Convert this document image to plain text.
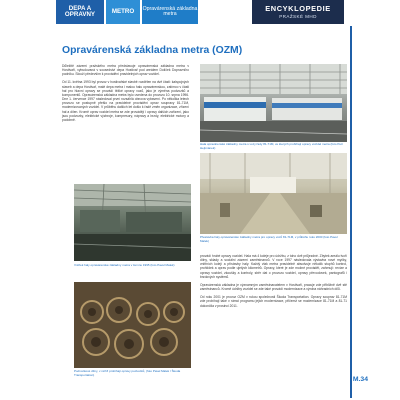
DEPA A OPRAVNY	METRO Opravárenská základna metra
ENCYKLOPEDIE
PRAŽSKÉ MHD
Opravárenská základna metra (OZM)

Důležitě zázemí pražského metra představuje opravárenská základna metra v Hostivaři, vybudovaná v sousedství depa Hostivař pod areálem Dolíček Dopravního podniku. Slouží především k provádění pravidelných oprav vozidel.

Od 11. května 1993 byl provoz v hostivařské stavbě rozdělen na dvě části: kalspojných staveb a depa Hostivař, malé depa metra i malou halu opravárenskou, zatímco v části hal pro hlavní opravy se provádí těžké opravy vozů, jako je výměna podvozků a komponentů. Opravárenská základna metra bylo uvedena do provozu 10. srpna 1996. Dne 1. července 1997 následoval první rozsáhlá obnova vybavení. Po několika letech provozu se postupně přešlo na pravidelné provádění oprav soupravy 81-71M, modernizovaných vozidel. V průběhu dalších let došlo k řadě změn organizace, zřízení hal a dílen. Kromě oprav vozidel metra se zde provádějí i opravy dalších zařízení, jako jsou podvozky, elektrické výzbroje, kompresory, nápravy a brzdy, elektrické motory a podobně.

Hala opravárenské základny metra s vozy řady 81-71M, ve kterých probíhají opravy vozidel metra (foto Petr Hejtmánek)
Přestavba haly opravárenské základny metra pro opravy vozů 81-71M, v průběhu roku 2000 (foto Pavel Malek)
Vnitřek haly opravárenské základny metra v červnu 1995 (foto Pavel Malek)
Podvozkové dílny, v nichž probíhají opravy podvozků, (foto Pavel Malek / Škoda Transportation)

provádí hrubé opravy vozidel. Hala má 4 koleje pro údržbu, z toho dvě průjezdné. Zbytek areálu tvoří dílny, sklady a sociální zázemí zaměstnanců. V roce 1997 následovala výstavba nové myčky, vnitřních kolejí a přístavby haly. Každý vlak metra pravidelně absolvuje několik stupňů kontrol, prohlídek a oprav podle ujetých kilometrů. Opravy, které je zde možné provádět, zahrnují: revize a opravy vozidel, zkoušky a kontroly, sběr dat o provozu vozidel, opravy převodovek, pantografů i brzdových systémů.

Opravárenská základna je významným zaměstnavatelem v Hostivaři, pracuje zde přibližně dvě stě zaměstnanců. Kromě údržby vozidel se zde také provádí modernizace a výroba náhradních dílů.

Od roku 2001 je provoz OZM v rukou společnosti Škoda Transportation. Opravy souprav 81-71M zde probíhají také v rámci programu jejich modernizace, přičemž se modernizace 81-71M a 81-71 dokončila v prosinci 2011.

M.34
